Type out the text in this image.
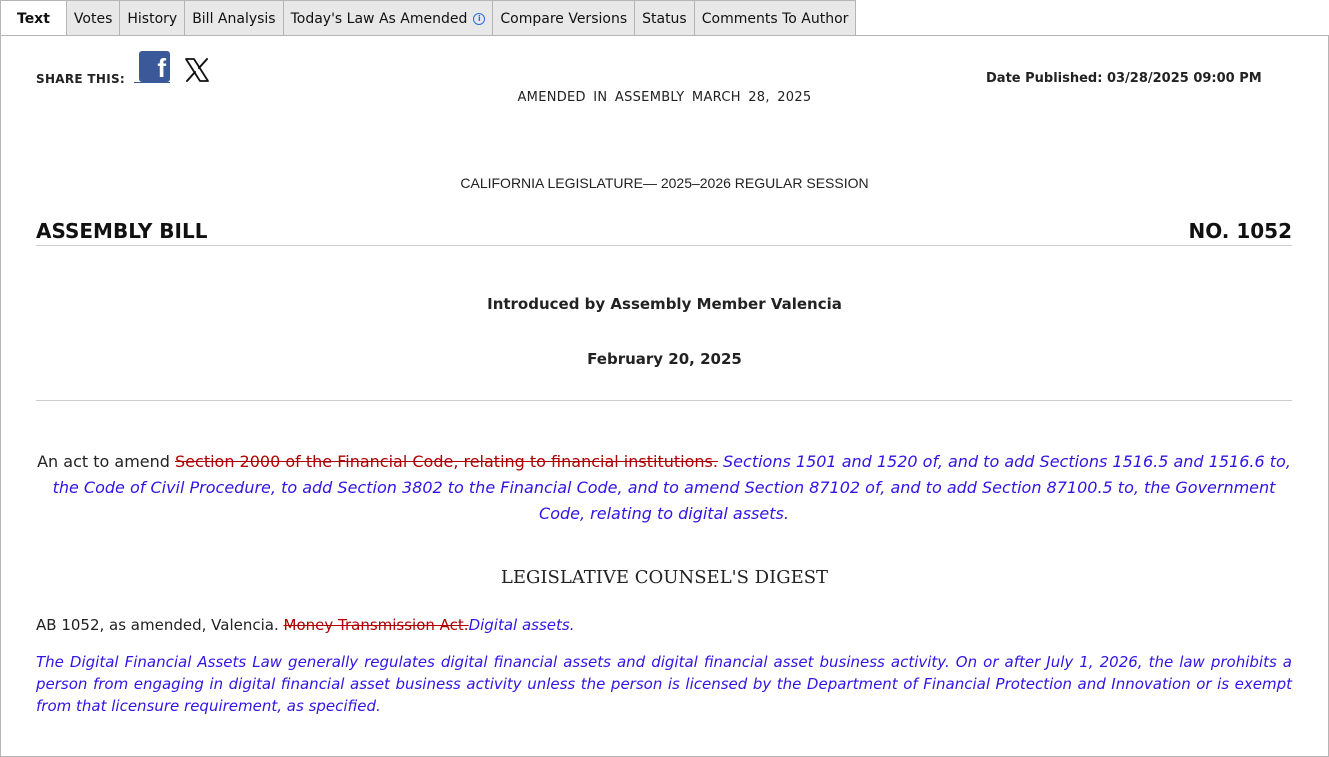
Text	Votes	History	Bill Analysis	Today's Law As Amended i	Compare Versions	Status	Comments To Author
SHARE THIS:	f	Date Published: 03/28/2025 09:00 PM
AMENDED IN ASSEMBLY MARCH 28, 2025
CALIFORNIA LEGISLATURE— 2025–2026 REGULAR SESSION
ASSEMBLY BILL	NO. 1052
Introduced by Assembly Member Valencia
February 20, 2025
An act to amend Section 2000 of the Financial Code, relating to financial institutions. Sections 1501 and 1520 of, and to add Sections 1516.5 and 1516.6 to, the Code of Civil Procedure, to add Section 3802 to the Financial Code, and to amend Section 87102 of, and to add Section 87100.5 to, the Government Code, relating to digital assets.
LEGISLATIVE COUNSEL'S DIGEST
AB 1052, as amended, Valencia. Money Transmission Act.Digital assets.
The Digital Financial Assets Law generally regulates digital financial assets and digital financial asset business activity. On or after July 1, 2026, the law prohibits a person from engaging in digital financial asset business activity unless the person is licensed by the Department of Financial Protection and Innovation or is exempt from that licensure requirement, as specified.
